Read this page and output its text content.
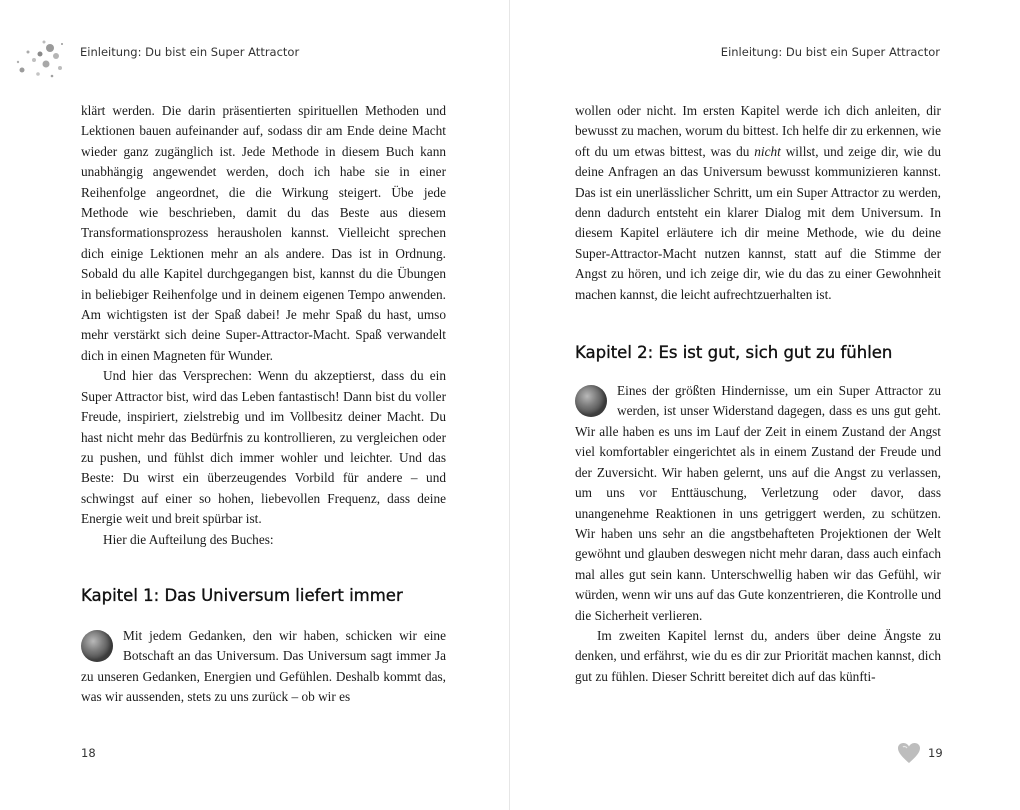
Einleitung: Du bist ein Super Attractor

klärt werden. Die darin präsentierten spirituellen Methoden und Lektionen bauen aufeinander auf, sodass dir am Ende deine Macht wieder ganz zugänglich ist. Jede Methode in diesem Buch kann unabhängig angewendet werden, doch ich habe sie in einer Reihenfolge angeordnet, die die Wirkung steigert. Übe jede Methode wie beschrieben, damit du das Beste aus diesem Transformationsprozess herausholen kannst. Vielleicht sprechen dich einige Lektionen mehr an als andere. Das ist in Ordnung. Sobald du alle Kapitel durchgegangen bist, kannst du die Übungen in beliebiger Reihenfolge und in deinem eigenen Tempo anwenden. Am wichtigsten ist der Spaß dabei! Je mehr Spaß du hast, umso mehr verstärkt sich deine Super-Attractor-Macht. Spaß verwandelt dich in einen Magneten für Wunder.

Und hier das Versprechen: Wenn du akzeptierst, dass du ein Super Attractor bist, wird das Leben fantastisch! Dann bist du voller Freude, inspiriert, zielstrebig und im Vollbesitz deiner Macht. Du hast nicht mehr das Bedürfnis zu kontrollieren, zu vergleichen oder zu pushen, und fühlst dich immer wohler und leichter. Und das Beste: Du wirst ein überzeugendes Vorbild für andere – und schwingst auf einer so hohen, liebevollen Frequenz, dass deine Energie weit und breit spürbar ist.

Hier die Aufteilung des Buches:

Kapitel 1: Das Universum liefert immer

Mit jedem Gedanken, den wir haben, schicken wir eine Botschaft an das Universum. Das Universum sagt immer Ja zu unseren Gedanken, Energien und Gefühlen. Deshalb kommt das, was wir aussenden, stets zu uns zurück – ob wir es

18
Einleitung: Du bist ein Super Attractor

wollen oder nicht. Im ersten Kapitel werde ich dich anleiten, dir bewusst zu machen, worum du bittest. Ich helfe dir zu erkennen, wie oft du um etwas bittest, was du nicht willst, und zeige dir, wie du deine Anfragen an das Universum bewusst kommunizieren kannst. Das ist ein unerlässlicher Schritt, um ein Super Attractor zu werden, denn dadurch entsteht ein klarer Dialog mit dem Universum. In diesem Kapitel erläutere ich dir meine Methode, wie du deine Super-Attractor-Macht nutzen kannst, statt auf die Stimme der Angst zu hören, und ich zeige dir, wie du das zu einer Gewohnheit machen kannst, die leicht aufrechtzuerhalten ist.

Kapitel 2: Es ist gut, sich gut zu fühlen

Eines der größten Hindernisse, um ein Super Attractor zu werden, ist unser Widerstand dagegen, dass es uns gut geht. Wir alle haben es uns im Lauf der Zeit in einem Zustand der Angst viel komfortabler eingerichtet als in einem Zustand der Freude und der Zuversicht. Wir haben gelernt, uns auf die Angst zu verlassen, um uns vor Enttäuschung, Verletzung oder davor, dass unangenehme Reaktionen in uns getriggert werden, zu schützen. Wir haben uns sehr an die angstbehafteten Projektionen der Welt gewöhnt und glauben deswegen nicht mehr daran, dass auch einfach mal alles gut sein kann. Unterschwellig haben wir das Gefühl, wir würden, wenn wir uns auf das Gute konzentrieren, die Kontrolle und die Sicherheit verlieren.

Im zweiten Kapitel lernst du, anders über deine Ängste zu denken, und erfährst, wie du es dir zur Priorität machen kannst, dich gut zu fühlen. Dieser Schritt bereitet dich auf das künfti-

19
